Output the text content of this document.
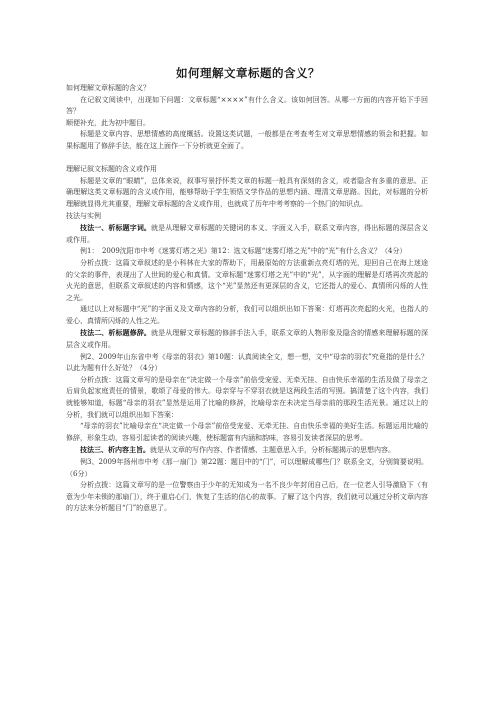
如何理解文章标题的含义？

如何理解文章标题的含义？

在记叙文阅读中，出现如下问题：文章标题“××××”有什么含义。该如何回答。从哪一方面的内容开始下手回答？

顺便补充，此为初中题目。

标题是文章内容、思想情感的高度概括。设置这类试题，一般都是在考查考生对文章思想情感的领会和把握。如果标题用了修辞手法，能在这上面作一下分析就更全面了。

理解记叙文标题的含义或作用

标题是文章的“眼睛”，总体来说，叙事写景抒怀类文章的标题一般具有深刻的含义，或者隐含有多重的意思。正确理解这类文章标题的含义或作用，能够帮助于学生领悟文学作品的思想内涵、理清文章思路。因此，对标题的分析理解就显得尤其重要，理解文章标题的含义或作用，也就成了历年中考考察的一个热门的知识点。

技法与实例

技法一、析标题字词。就是从理解文章标题的关键词的本义、字面义入手，联系文章内容，得出标题的深层含义或作用。

例1：　2009沈阳市中考《迷雾灯塔之光》第12：选文标题“迷雾灯塔之光”中的“光”有什么含义？（4分）

分析点拨：这篇文章叙述的是小科林在大家的帮助下，用最原始的方法重新点亮灯塔的光，迎回自己在海上迷途的父亲的事件，表现出了人世间的爱心和真情。文章标题“迷雾灯塔之光”中的“光”，从字面的理解是灯塔再次亮起的火光的意思，但联系文章叙述的内容和情感，这个“光”显然还有更深层的含义，它还指人的爱心、真情所闪烁的人性之光。

通过以上对标题中“光”的字面义及文章内容的分析，我们可以组织出如下答案：灯塔再次亮起的火光，也指人的爱心、真情所闪烁的人性之光。

技法二、析标题修辞。就是从理解文章标题的修辞手法入手，联系文章的人物形象及隐含的情感来理解标题的深层含义或作用。

例2、2009年山东省中考《母亲的羽衣》第10题：认真阅读全文，想一想，文中“母亲的羽衣”究竟指的是什么？以此为题有什么好处？（4分）

分析点拨：这篇文章写的是母亲在“决定做一个母亲”前倍受宠爱、无牵无挂、自由快乐幸福的生活及做了母亲之后肩负起家庭责任的情景，歌颂了母爱的伟大。母亲穿与不穿羽衣就是这两段生活的写照。搞清楚了这个内容，我们就能够知道，标题“母亲的羽衣”显然是运用了比喻的修辞，比喻母亲在未决定当母亲前的那段生活光景。通过以上的分析，我们就可以组织出如下答案：

“母亲的羽衣”比喻母亲在“决定做一个母亲”前倍受宠爱、无牵无挂、自由快乐幸福的美好生活。标题运用比喻的修辞，形象生动，容易引起读者的阅读兴趣，使标题富有内涵和韵味，容易引发读者深层的思考。

技法三、析内容主旨。就是从文章的写作内容、作者情感、主题意思入手，分析标题揭示的思想内容。

例3、2009年扬州市中考《那一扇门》第22题：题目中的“门”，可以理解成哪些门？联系全文，分别简要说明。（6分）

分析点拨：这篇文章写的是一位警察由于少年的无知成为一名不良少年封闭自己后，在一位老人引导激励下（有意为少年未锁的那扇门），终于重启心门，恢复了生活的信心的故事。了解了这个内容，我们就可以通过分析文章内容的方法来分析题目“门”的意思了。
